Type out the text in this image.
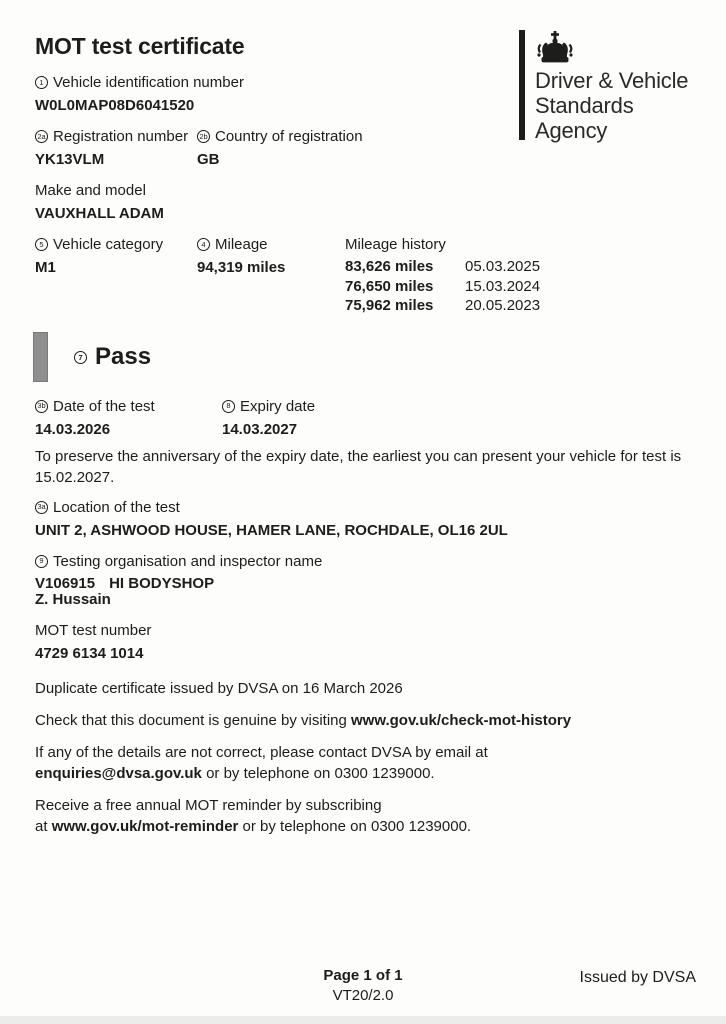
Driver & Vehicle
Standards
Agency
MOT test certificate
1 Vehicle identification number
W0L0MAP08D6041520
2a Registration number
YK13VLM
2b Country of registration
GB
Make and model
VAUXHALL ADAM
5 Vehicle category
M1
4 Mileage
94,319 miles
Mileage history
83,626 miles	05.03.2025
76,650 miles	15.03.2024
75,962 miles	20.05.2023
7 Pass
3b Date of the test
14.03.2026
8 Expiry date
14.03.2027

To preserve the anniversary of the expiry date, the earliest you can present your vehicle for test is 15.02.2027.

3a Location of the test
UNIT 2, ASHWOOD HOUSE, HAMER LANE, ROCHDALE, OL16 2UL
9 Testing organisation and inspector name
V106915 HI BODYSHOP
Z. Hussain
MOT test number
4729 6134 1014

Duplicate certificate issued by DVSA on 16 March 2026

Check that this document is genuine by visiting www.gov.uk/check-mot-history

If any of the details are not correct, please contact DVSA by email at
enquiries@dvsa.gov.uk or by telephone on 0300 1239000.

Receive a free annual MOT reminder by subscribing
at www.gov.uk/mot-reminder or by telephone on 0300 1239000.

Page 1 of 1
VT20/2.0
Issued by DVSA
